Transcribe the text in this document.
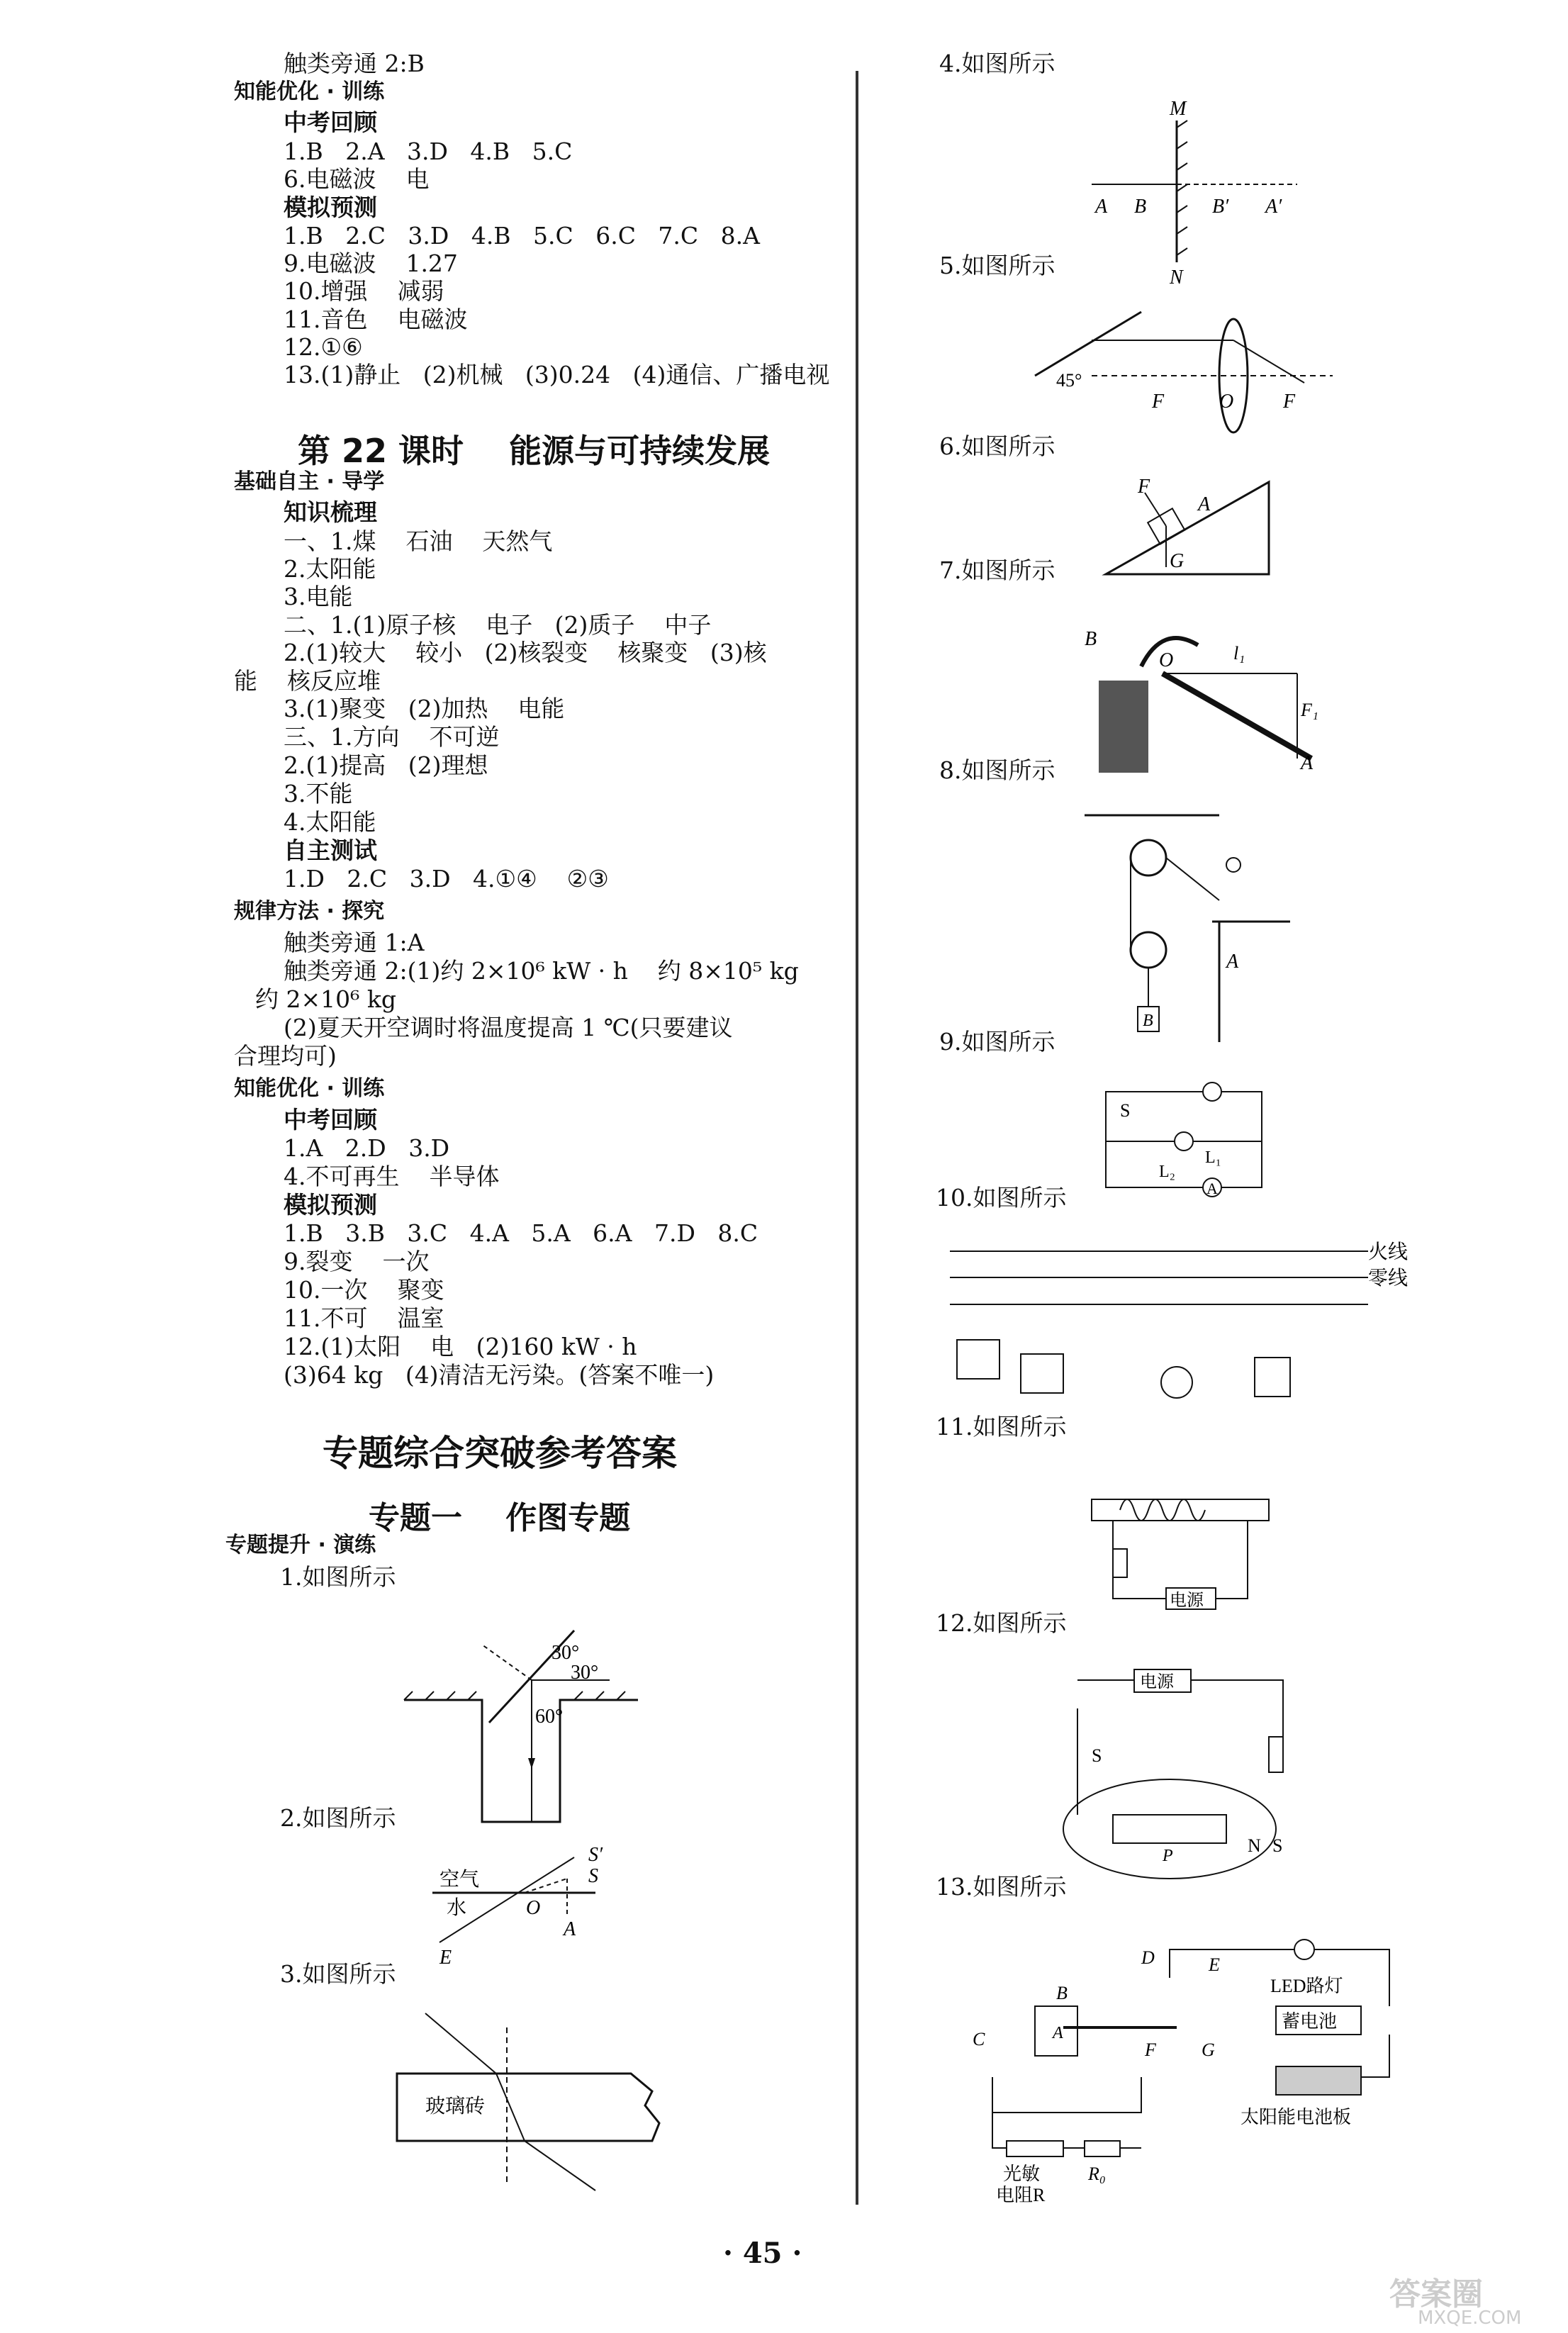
触类旁通 2:B
知能优化 · 训练
中考回顾
1.B   2.A   3.D   4.B   5.C
6.电磁波    电
模拟预测
1.B   2.C   3.D   4.B   5.C   6.C   7.C   8.A
9.电磁波    1.27
10.增强    减弱
11.音色    电磁波
12.①⑥
13.(1)静止   (2)机械   (3)0.24   (4)通信、广播电视
基础自主 · 导学
知识梳理
一、1.煤    石油    天然气
2.太阳能
3.电能
二、1.(1)原子核    电子   (2)质子    中子
2.(1)较大    较小   (2)核裂变    核聚变   (3)核
能    核反应堆
3.(1)聚变   (2)加热    电能
三、1.方向    不可逆
2.(1)提高   (2)理想
3.不能
4.太阳能
自主测试
1.D   2.C   3.D   4.①④    ②③
规律方法 · 探究
触类旁通 1:A
触类旁通 2:(1)约 2×10⁶ kW · h    约 8×10⁵ kg
约 2×10⁶ kg
(2)夏天开空调时将温度提高 1 ℃(只要建议
合理均可)
知能优化 · 训练
中考回顾
1.A   2.D   3.D
4.不可再生    半导体
模拟预测
1.B   3.B   3.C   4.A   5.A   6.A   7.D   8.C
9.裂变    一次
10.一次    聚变
11.不可    温室
12.(1)太阳    电   (2)160 kW · h
(3)64 kg   (4)清洁无污染。(答案不唯一)
专题提升 · 演练
1.如图所示
2.如图所示
3.如图所示
4.如图所示
5.如图所示
6.如图所示
7.如图所示
8.如图所示
9.如图所示
10.如图所示
11.如图所示
12.如图所示
13.如图所示
第 22 课时    能源与可持续发展
专题综合突破参考答案
专题一    作图专题
30°
30°
60°
空气
水
S′
S
O
A
E
玻璃砖
M
N
A B	B′ A′
45°
F	O F
F
A
G
B
O	l₁
F₁
A
A
B
S
L₁
L₂
A
火线
零线
电源
电源
S
N S
P
D	E
B
C	A
F G
LED路灯
蓄电池
太阳能电池板
光敏
电阻R
R₀
· 45 ·
答案圈
MXQE.COM
